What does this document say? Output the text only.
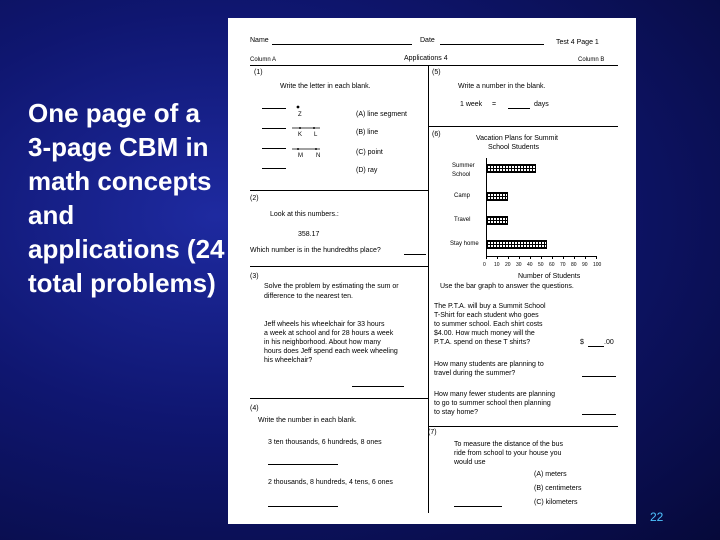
One page of a 3-page CBM in math concepts and applications (24 total problems)
22
Name	Date	Test 4 Page 1
Column A	Applications 4	Column B
(1)
Write the letter in each blank.
Z
K L
M N
(A) line segment
(B) line
(C) point
(D) ray
(2)
Look at this numbers.:
358.17
Which number is in the hundredths place?
(3)
Solve the problem by estimating the sum or
difference to the nearest ten.
Jeff wheels his wheelchair for 33 hours
a week at school and for 28 hours a week
in his neighborhood. About how many
hours does Jeff spend each week wheeling
his wheelchair?
(4)
Write the number in each blank.
3 ten thousands, 6 hundreds, 8 ones
2 thousands, 8 hundreds, 4 tens, 6 ones
(5)
Write a number in the blank.
1 week =	days
(6)
Vacation Plans for Summit
School Students
Summer
School
Camp
Travel
Stay home
0 10 20 30 40 50 60 70 80 90 100
Number of Students
Use the bar graph to answer the questions.
The P.T.A. will buy a Summit School
T-Shirt for each student who goes
to summer school. Each shirt costs
$4.00. How much money will the
P.T.A. spend on these T shirts?	$	.00
How many students are planning to
travel during the summer?
How many fewer students are planning
to go to summer school then planning
to stay home?
(7)
To measure the distance of the bus
ride from school to your house you
would use
(A) meters
(B) centimeters
(C) kilometers
